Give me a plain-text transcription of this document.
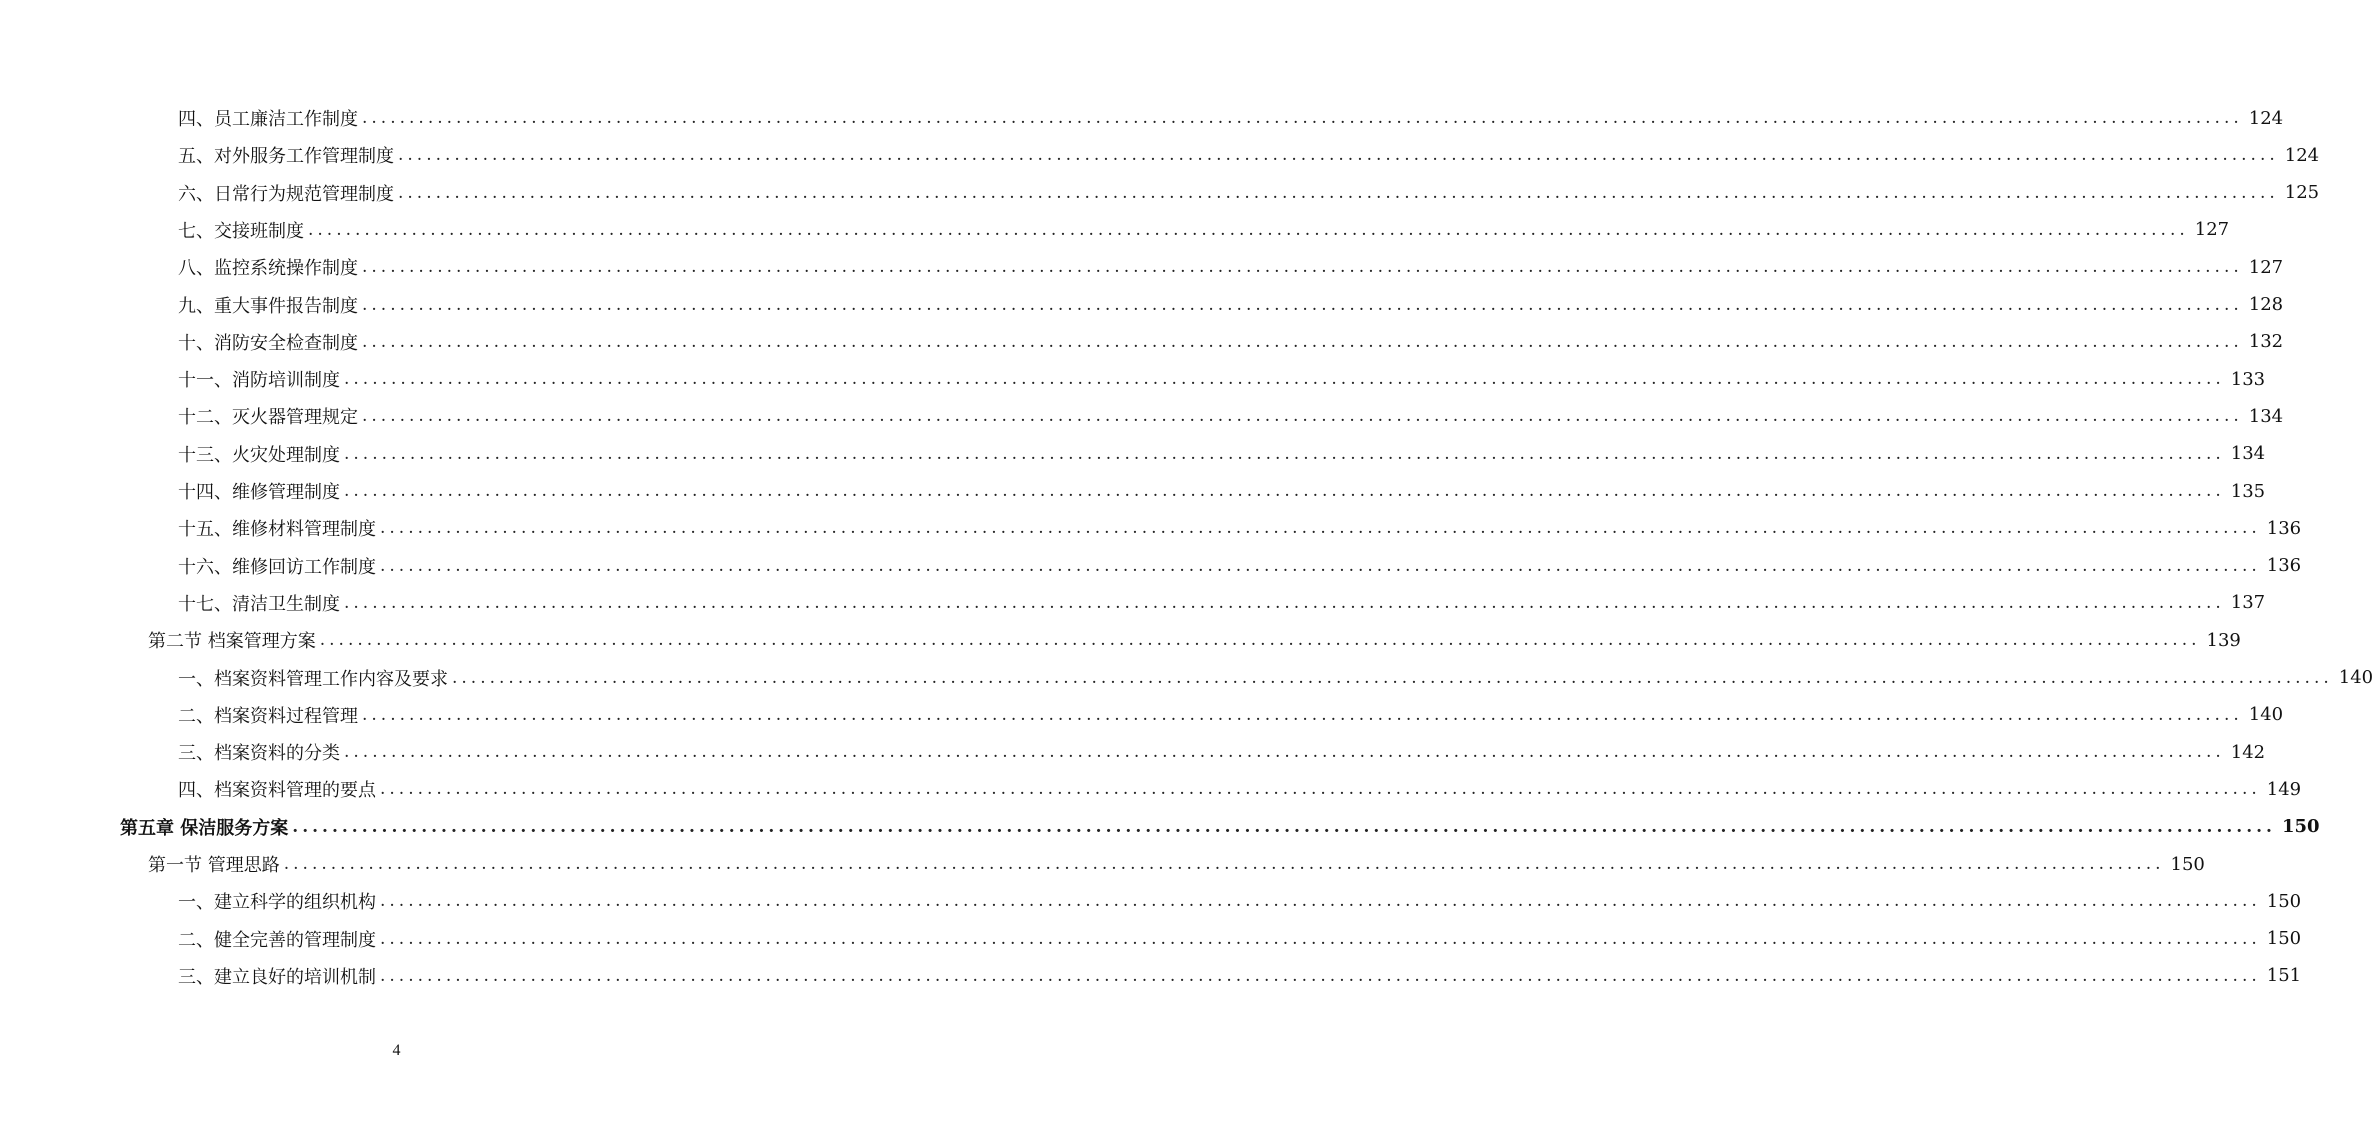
四、员工廉洁工作制度 ........................................................................................................................................................................................................ 124
五、对外服务工作管理制度 ........................................................................................................................................................................................................ 124
六、日常行为规范管理制度 ........................................................................................................................................................................................................ 125
七、交接班制度 ........................................................................................................................................................................................................ 127
八、监控系统操作制度 ........................................................................................................................................................................................................ 127
九、重大事件报告制度 ........................................................................................................................................................................................................ 128
十、消防安全检查制度 ........................................................................................................................................................................................................ 132
十一、消防培训制度 ........................................................................................................................................................................................................ 133
十二、灭火器管理规定 ........................................................................................................................................................................................................ 134
十三、火灾处理制度 ........................................................................................................................................................................................................ 134
十四、维修管理制度 ........................................................................................................................................................................................................ 135
十五、维修材料管理制度 ........................................................................................................................................................................................................ 136
十六、维修回访工作制度 ........................................................................................................................................................................................................ 136
十七、清洁卫生制度 ........................................................................................................................................................................................................ 137
第二节 档案管理方案 ........................................................................................................................................................................................................ 139
一、档案资料管理工作内容及要求 ........................................................................................................................................................................................................ 140
二、档案资料过程管理 ........................................................................................................................................................................................................ 140
三、档案资料的分类 ........................................................................................................................................................................................................ 142
四、档案资料管理的要点 ........................................................................................................................................................................................................ 149
第五章 保洁服务方案 ........................................................................................................................................................................................................ 150
第一节 管理思路 ........................................................................................................................................................................................................ 150
一、建立科学的组织机构 ........................................................................................................................................................................................................ 150
二、健全完善的管理制度 ........................................................................................................................................................................................................ 150
三、建立良好的培训机制 ........................................................................................................................................................................................................ 151
4
